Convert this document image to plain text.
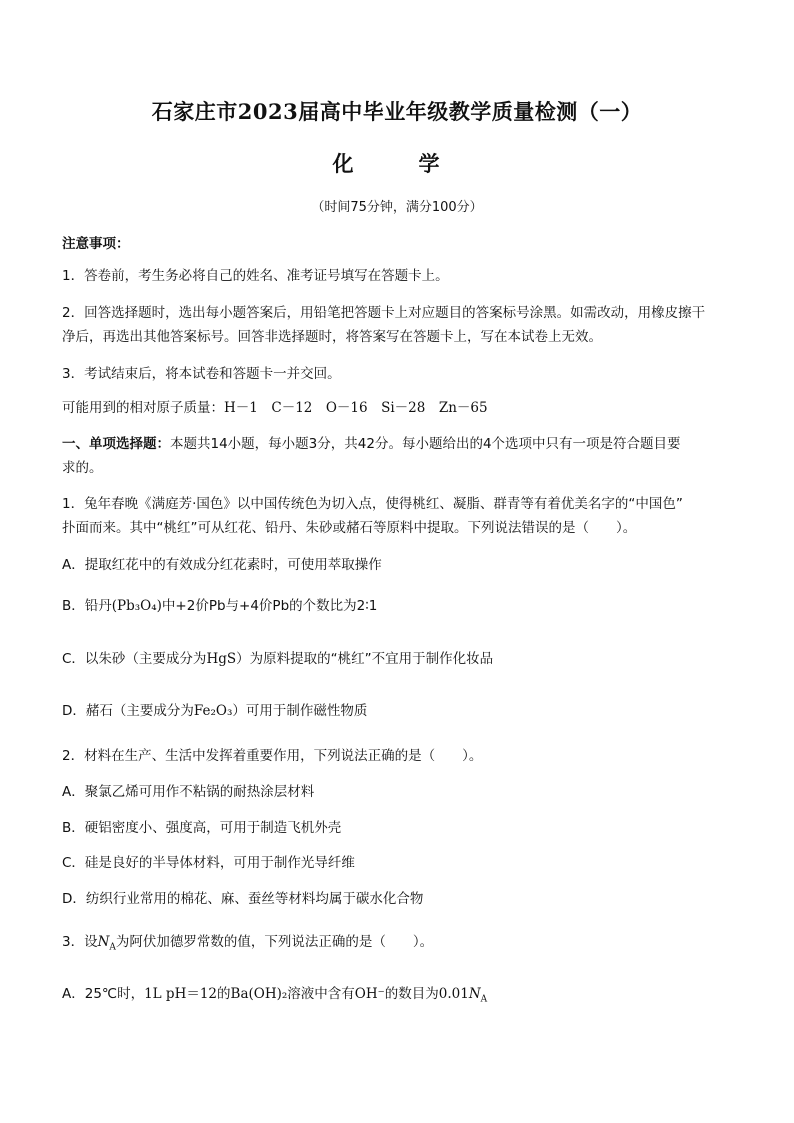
石家庄市2023届高中毕业年级教学质量检测（一）
化　学
（时间75分钟，满分100分）
注意事项：
1．答卷前，考生务必将自己的姓名、准考证号填写在答题卡上。
2．回答选择题时，选出每小题答案后，用铅笔把答题卡上对应题目的答案标号涂黑。如需改动，用橡皮擦干
净后，再选出其他答案标号。回答非选择题时，将答案写在答题卡上，写在本试卷上无效。
3．考试结束后，将本试卷和答题卡一并交回。
可能用到的相对原子质量：H－1　C－12　O－16　Si－28　Zn－65
一、单项选择题：本题共14小题，每小题3分，共42分。每小题给出的4个选项中只有一项是符合题目要
求的。
1．兔年春晚《满庭芳·国色》以中国传统色为切入点，使得桃红、凝脂、群青等有着优美名字的“中国色”
扑面而来。其中“桃红”可从红花、铅丹、朱砂或赭石等原料中提取。下列说法错误的是（　　）。
A．提取红花中的有效成分红花素时，可使用萃取操作
B．铅丹(Pb₃O₄)中+2价Pb与+4价Pb的个数比为2∶1
C．以朱砂（主要成分为HgS）为原料提取的“桃红”不宜用于制作化妆品
D．赭石（主要成分为Fe₂O₃）可用于制作磁性物质
2．材料在生产、生活中发挥着重要作用，下列说法正确的是（　　）。
A．聚氯乙烯可用作不粘锅的耐热涂层材料
B．硬铝密度小、强度高，可用于制造飞机外壳
C．硅是良好的半导体材料，可用于制作光导纤维
D．纺织行业常用的棉花、麻、蚕丝等材料均属于碳水化合物
3．设$N_A$为阿伏加德罗常数的值，下列说法正确的是（　　）。
A．25℃时，1L pH＝12的Ba(OH)₂溶液中含有OH⁻的数目为$0.01N_A$
